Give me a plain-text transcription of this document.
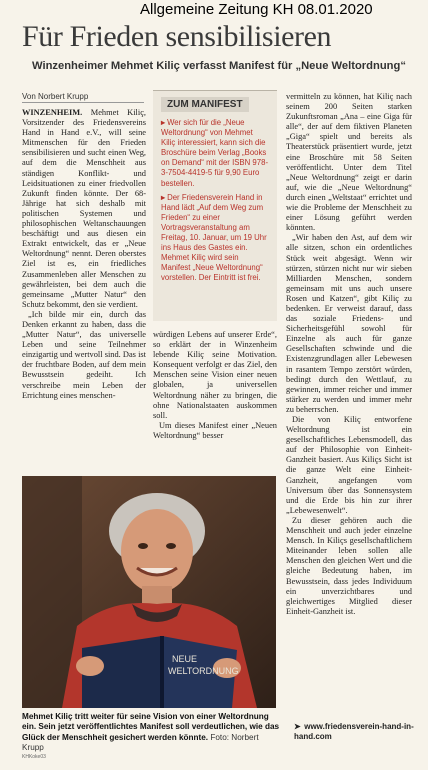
Allgemeine Zeitung KH 08.01.2020
Für Frieden sensibilisieren
Winzenheimer Mehmet Kiliç verfasst Manifest für „Neue Weltordnung“
Von Norbert Krupp

WINZENHEIM. Mehmet Kiliç, Vorsitzender des Friedensvereins Hand in Hand e.V., will seine Mitmenschen für den Frieden sensibilisieren und sucht einen Weg, auf dem die Menschheit aus ständigen Konflikt- und Leidsituationen zu einer friedvollen Zukunft finden könnte. Der 68-Jährige hat sich deshalb mit politischen Systemen und philosophischen Weltanschauungen beschäftigt und aus diesen ein Extrakt entwickelt, das er „Neue Weltordnung“ nennt. Deren oberstes Ziel ist es, ein friedliches Zusammenleben aller Menschen zu gewährleisten, bei dem auch die gemeinsame „Mutter Natur“ den Schutz bekommt, den sie verdient.

„Ich bilde mir ein, durch das Denken erkannt zu haben, dass die „Mutter Natur“, das universelle Leben und seine Teilnehmer einzigartig und wertvoll sind. Das ist der fruchtbare Boden, auf dem mein Bewusstsein gedeiht. Ich verschreibe mein Leben der Errichtung eines menschen-

ZUM MANIFEST

▸ Wer sich für die „Neue Weltordnung“ von Mehmet Kiliç interessiert, kann sich die Broschüre beim Verlag „Books on Demand“ mit der ISBN 978-3-7504-4419-5 für 9,90 Euro bestellen.

▸ Der Friedensverein Hand in Hand lädt „Auf dem Weg zum Frieden“ zu einer Vortragsveranstaltung am Freitag, 10. Januar, um 19 Uhr ins Haus des Gastes ein. Mehmet Kiliç wird sein Manifest „Neue Weltordnung“ vorstellen. Der Eintritt ist frei.

würdigen Lebens auf unserer Erde“, so erklärt der in Winzenheim lebende Kiliç seine Motivation. Konsequent verfolgt er das Ziel, den Menschen seine Vision einer neuen globalen, ja universellen Weltordnung näher zu bringen, die ohne Nationalstaaten auskommen soll.

Um dieses Manifest einer „Neuen Weltordnung“ besser

vermitteln zu können, hat Kiliç nach seinem 200 Seiten starken Zukunftsroman „Ana – eine Giga für alle“, der auf dem fiktiven Planeten „Giga“ spielt und bereits als Theaterstück präsentiert wurde, jetzt eine Broschüre mit 58 Seiten veröffentlicht. Unter dem Titel „Neue Weltordnung“ zeigt er darin auf, wie die „Neue Weltordnung“ durch einen „Weltstaat“ errichtet und wie die Probleme der Menschheit zu einer Lösung geführt werden könnten.

„Wir haben den Ast, auf dem wir alle sitzen, schon ein ordentliches Stück weit abgesägt. Wenn wir stürzen, stürzen nicht nur wir sieben Milliarden Menschen, sondern gemeinsam mit uns auch unsere Rosen und Katzen“, gibt Kiliç zu bedenken. Er verweist darauf, dass das soziale Friedens- und Sicherheitsgefühl sowohl für Einzelne als auch für ganze Gesellschaften schwinde und die Existenzgrundlagen aller Lebewesen in rasantem Tempo zerstört würden, bedingt durch den Wettlauf, zu gewinnen, immer reicher und immer stärker zu werden und immer mehr zu beherrschen.

Die von Kiliç entworfene Weltordnung ist ein gesellschaftliches Lebensmodell, das auf der Philosophie von Einheit-Ganzheit basiert. Aus Kiliçs Sicht ist die ganze Welt eine Einheit-Ganzheit, angefangen vom Universum über das Sonnensystem und die Erde bis hin zur ihrer „Lebewesenwelt“.

Zu dieser gehören auch die Menschheit und auch jeder einzelne Mensch. In Kiliçs gesellschaftlichem Miteinander leben sollen alle Menschen den gleichen Wert und die gleiche Bedeutung haben, im Bewusstsein, dass jedes Individuum ein unverzichtbares und gleichwertiges Mitglied dieser Einheit-Ganzheit ist.

NEUE
WELTORDNUNG
Mehmet Kiliç tritt weiter für seine Vision von einer Weltordnung ein. Sein jetzt veröffentlichtes Manifest soll verdeutlichen, wie das Glück der Menschheit gesichert werden könnte. Foto: Norbert Krupp
KHKoke03
➤ www.friedensverein-hand-in-hand.com
